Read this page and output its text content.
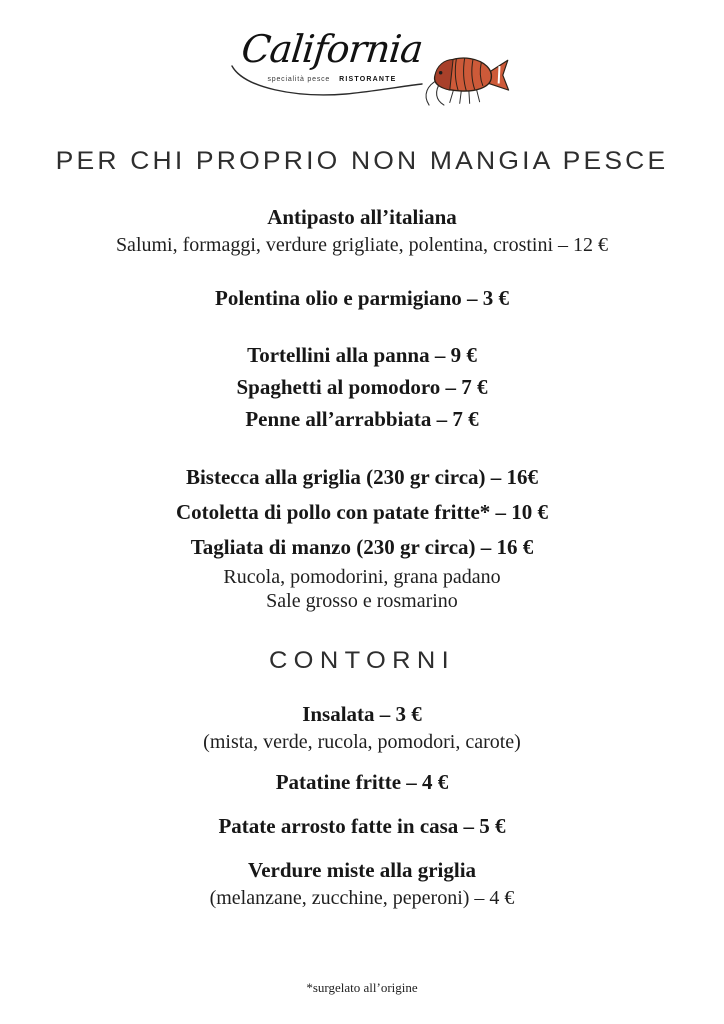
California
specialità pesce RISTORANTE
PER CHI PROPRIO NON MANGIA PESCE

Antipasto all’italiana

Salumi, formaggi, verdure grigliate, polentina, crostini – 12 €

Polentina olio e parmigiano – 3 €

Tortellini alla panna – 9 €

Spaghetti al pomodoro – 7 €

Penne all’arrabbiata – 7 €

Bistecca alla griglia (230 gr circa) – 16€

Cotoletta di pollo con patate fritte* – 10 €

Tagliata di manzo (230 gr circa) – 16 €

Rucola, pomodorini, grana padano

Sale grosso e rosmarino

CONTORNI

Insalata – 3 €

(mista, verde, rucola, pomodori, carote)

Patatine fritte – 4 €

Patate arrosto fatte in casa – 5 €

Verdure miste alla griglia

(melanzane, zucchine, peperoni) – 4 €

*surgelato all’origine
